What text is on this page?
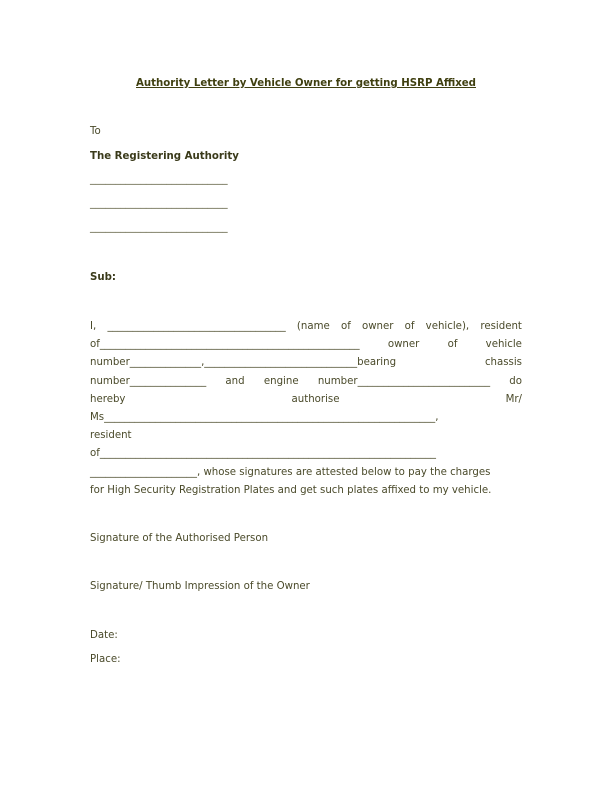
Authority Letter by Vehicle Owner for getting HSRP Affixed
To
The Registering Authority
___________________________
___________________________
___________________________
Sub:
I, ___________________________________ (name of owner of vehicle), resident
of___________________________________________________	owner	of	vehicle
number______________,______________________________bearing	chassis
number_______________ and engine number__________________________ do
hereby	authorise	Mr/
Ms_________________________________________________________________,
resident
of__________________________________________________________________
_____________________, whose signatures are attested below to pay the charges
for High Security Registration Plates and get such plates affixed to my vehicle.
Signature of the Authorised Person
Signature/ Thumb Impression of the Owner
Date:
Place:
